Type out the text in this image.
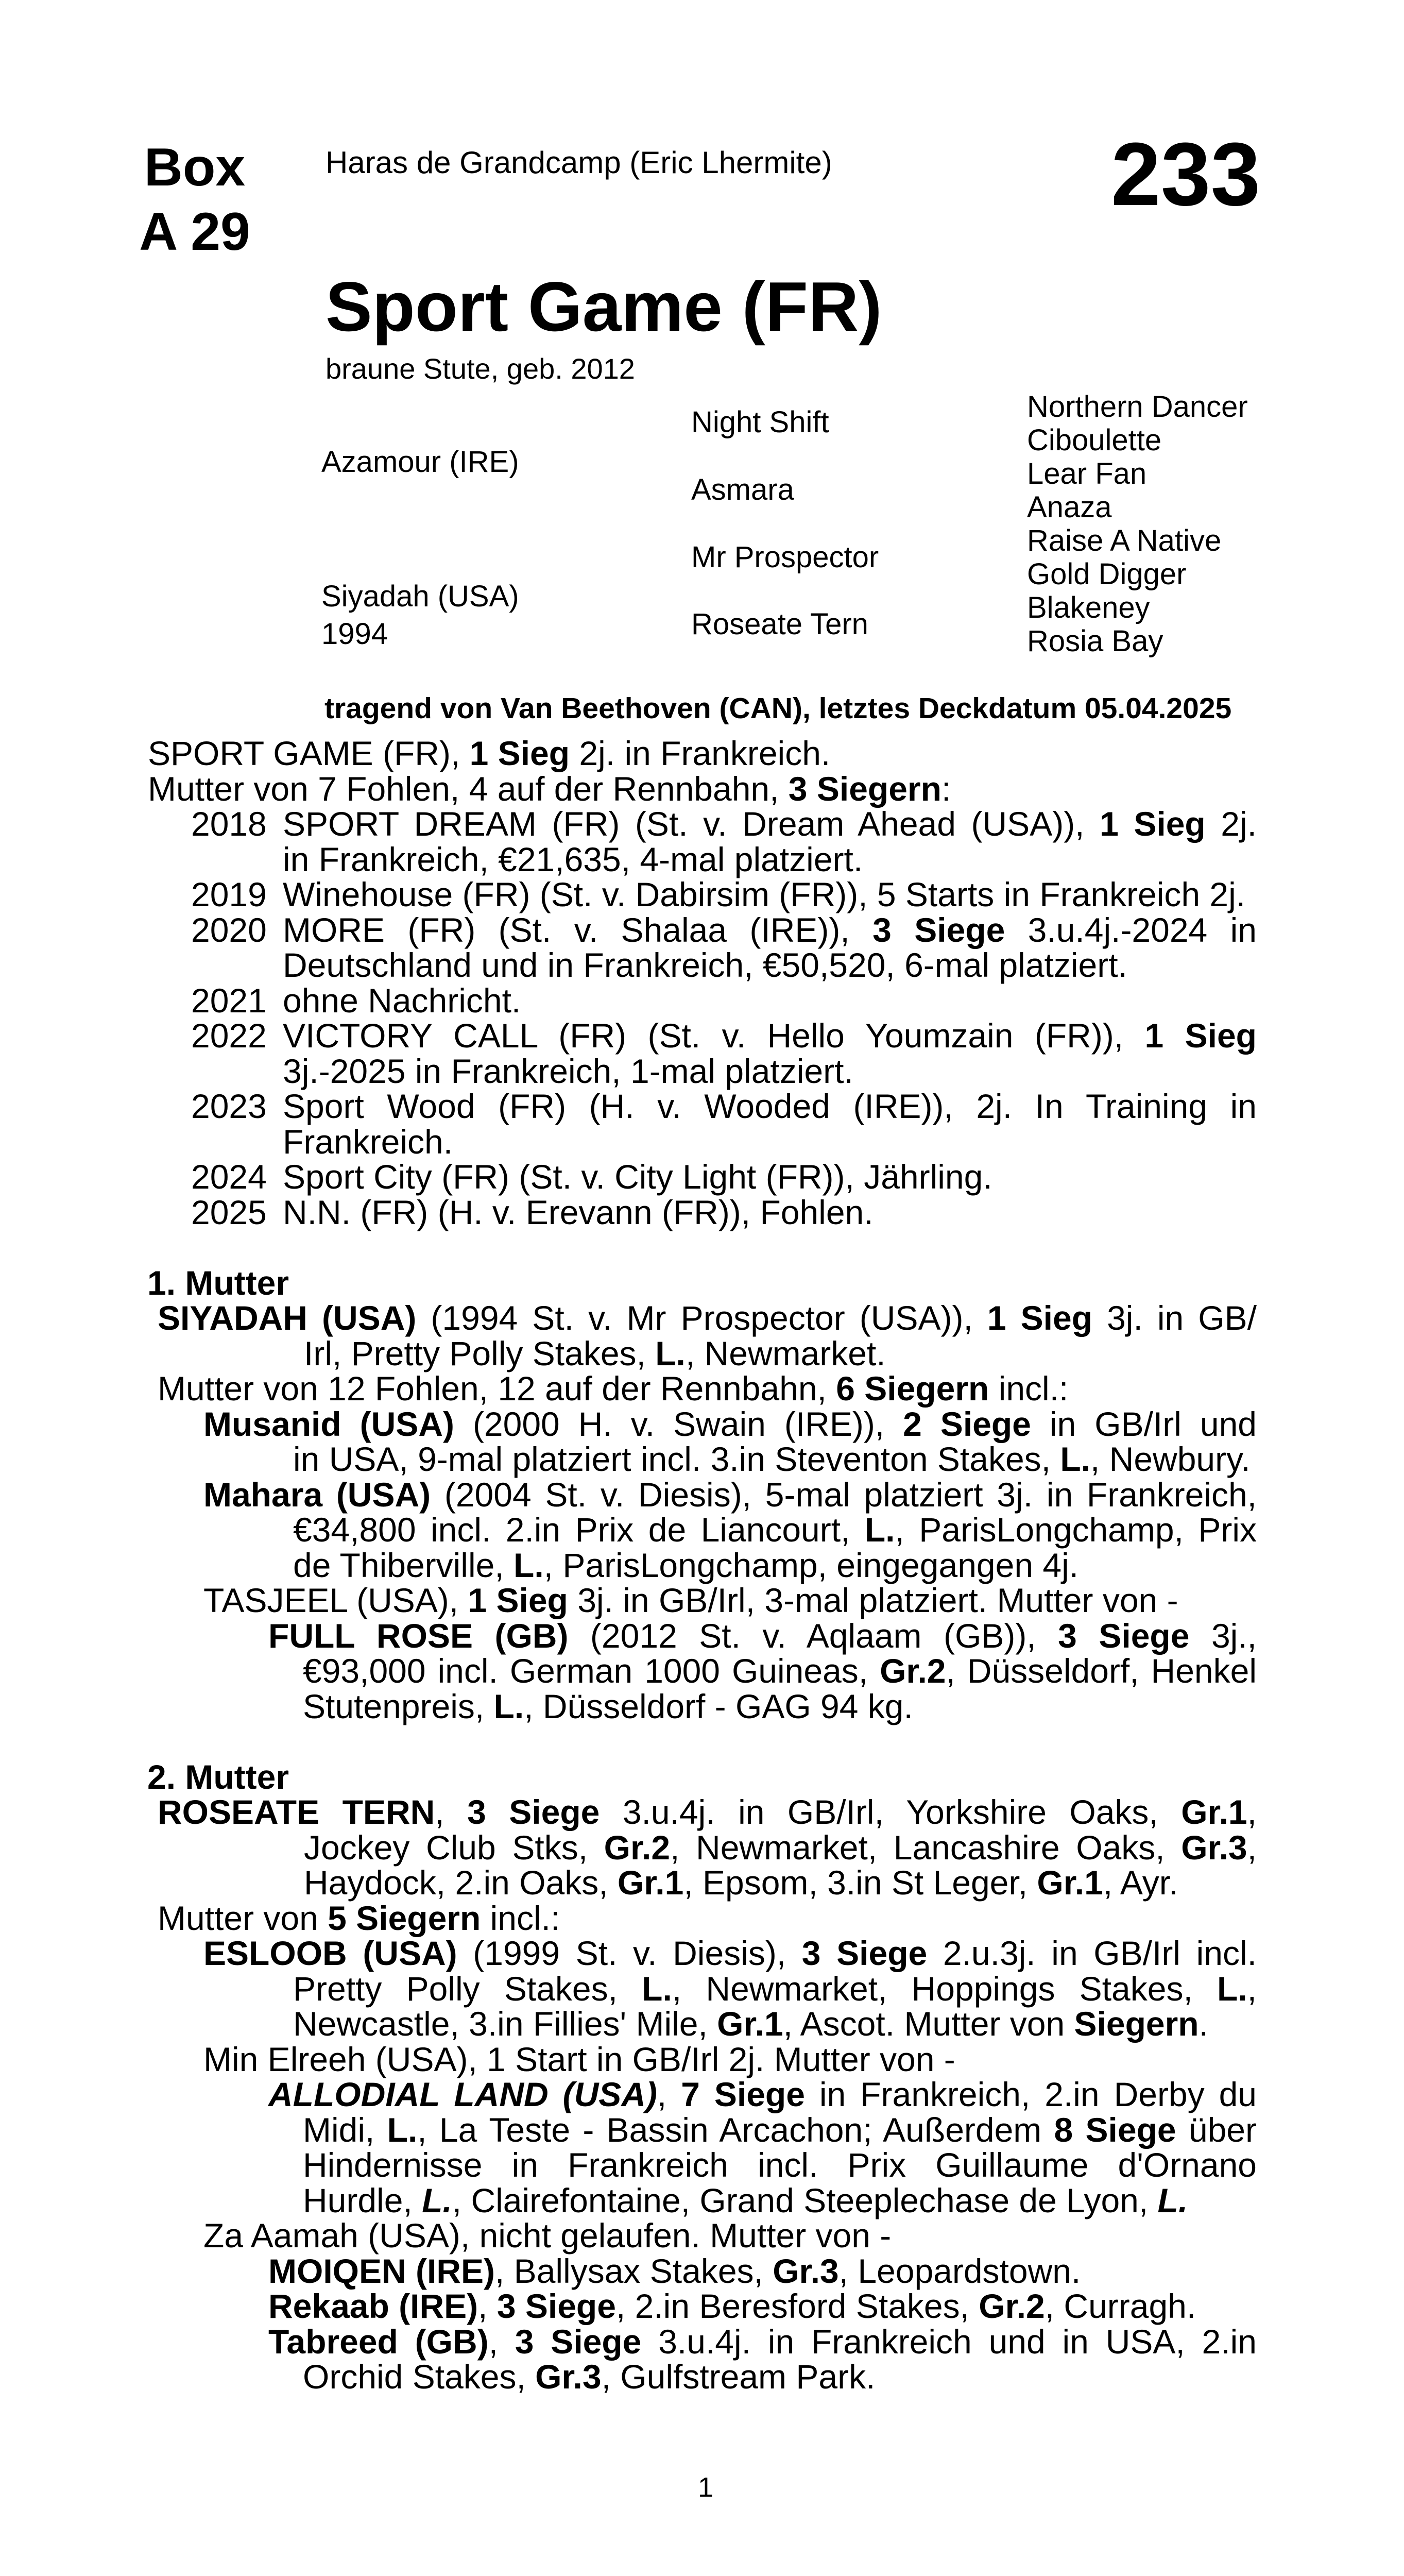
Box
A 29
Haras de Grandcamp (Eric Lhermite)	233
Sport Game (FR)
braune Stute, geb. 2012
Azamour (IRE)
Siyadah (USA)
1994
Night Shift
Asmara
Mr Prospector
Roseate Tern
Northern Dancer
Ciboulette
Lear Fan
Anaza
Raise A Native
Gold Digger
Blakeney
Rosia Bay
tragend von Van Beethoven (CAN), letztes Deckdatum 05.04.2025
SPORT GAME (FR), 1 Sieg 2j. in Frankreich.
Mutter von 7 Fohlen, 4 auf der Rennbahn, 3 Siegern:
2018 SPORT DREAM (FR) (St. v. Dream Ahead (USA)), 1 Sieg 2j.
in Frankreich, €21,635, 4-mal platziert.
2019 Winehouse (FR) (St. v. Dabirsim (FR)), 5 Starts in Frankreich 2j.
2020 MORE (FR) (St. v. Shalaa (IRE)), 3 Siege 3.u.4j.-2024 in
Deutschland und in Frankreich, €50,520, 6-mal platziert.
2021 ohne Nachricht.
2022 VICTORY CALL (FR) (St. v. Hello Youmzain (FR)), 1 Sieg
3j.-2025 in Frankreich, 1-mal platziert.
2023 Sport Wood (FR) (H. v. Wooded (IRE)), 2j. In Training in
Frankreich.
2024 Sport City (FR) (St. v. City Light (FR)), Jährling.
2025 N.N. (FR) (H. v. Erevann (FR)), Fohlen.
1. Mutter
SIYADAH (USA) (1994 St. v. Mr Prospector (USA)), 1 Sieg 3j. in GB/
Irl, Pretty Polly Stakes, L., Newmarket.
Mutter von 12 Fohlen, 12 auf der Rennbahn, 6 Siegern incl.:
Musanid (USA) (2000 H. v. Swain (IRE)), 2 Siege in GB/Irl und
in USA, 9-mal platziert incl. 3.in Steventon Stakes, L., Newbury.
Mahara (USA) (2004 St. v. Diesis), 5-mal platziert 3j. in Frankreich,
€34,800 incl. 2.in Prix de Liancourt, L., ParisLongchamp, Prix
de Thiberville, L., ParisLongchamp, eingegangen 4j.
TASJEEL (USA), 1 Sieg 3j. in GB/Irl, 3-mal platziert. Mutter von -
FULL ROSE (GB) (2012 St. v. Aqlaam (GB)), 3 Siege 3j.,
€93,000 incl. German 1000 Guineas, Gr.2, Düsseldorf, Henkel
Stutenpreis, L., Düsseldorf - GAG 94 kg.
2. Mutter
ROSEATE TERN, 3 Siege 3.u.4j. in GB/Irl, Yorkshire Oaks, Gr.1,
Jockey Club Stks, Gr.2, Newmarket, Lancashire Oaks, Gr.3,
Haydock, 2.in Oaks, Gr.1, Epsom, 3.in St Leger, Gr.1, Ayr.
Mutter von 5 Siegern incl.:
ESLOOB (USA) (1999 St. v. Diesis), 3 Siege 2.u.3j. in GB/Irl incl.
Pretty Polly Stakes, L., Newmarket, Hoppings Stakes, L.,
Newcastle, 3.in Fillies' Mile, Gr.1, Ascot. Mutter von Siegern.
Min Elreeh (USA), 1 Start in GB/Irl 2j. Mutter von -
ALLODIAL LAND (USA), 7 Siege in Frankreich, 2.in Derby du
Midi, L., La Teste - Bassin Arcachon; Außerdem 8 Siege über
Hindernisse in Frankreich incl. Prix Guillaume d'Ornano
Hurdle, L., Clairefontaine, Grand Steeplechase de Lyon, L.
Za Aamah (USA), nicht gelaufen. Mutter von -
MOIQEN (IRE), Ballysax Stakes, Gr.3, Leopardstown.
Rekaab (IRE), 3 Siege, 2.in Beresford Stakes, Gr.2, Curragh.
Tabreed (GB), 3 Siege 3.u.4j. in Frankreich und in USA, 2.in
Orchid Stakes, Gr.3, Gulfstream Park.
1
